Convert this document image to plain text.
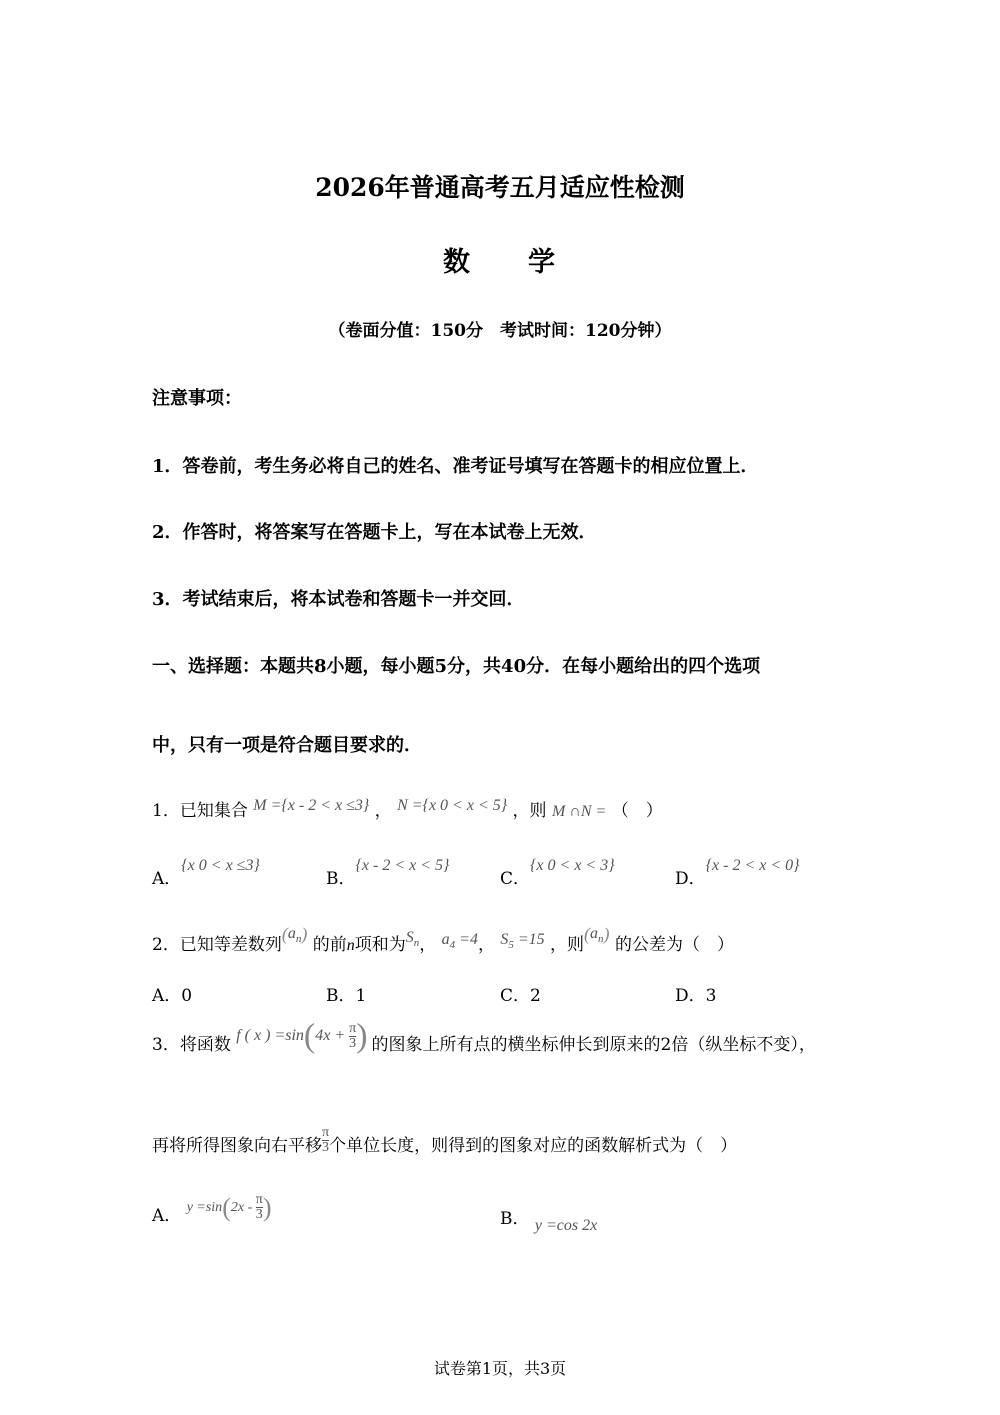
2026年普通高考五月适应性检测
数 学
（卷面分值：150分　考试时间：120分钟）
注意事项：
1．答卷前，考生务必将自己的姓名、准考证号填写在答题卡的相应位置上．
2．作答时，将答案写在答题卡上，写在本试卷上无效．
3．考试结束后，将本试卷和答题卡一并交回．
一、选择题：本题共8小题，每小题5分，共40分．在每小题给出的四个选项
中，只有一项是符合题目要求的．
1．已知集合 M ={x - 2 < x ≤3} ， N ={x 0 < x < 5} ，则 M ∩N = （　）
A．{x 0 < x ≤3}
B．{x - 2 < x < 5}
C．{x 0 < x < 3}
D．{x - 2 < x < 0}
2．已知等差数列$(a_n)$ 的前n项和为$S_n$， $a_4 =4$， $S_5 =15$ ，则$(a_n)$ 的公差为（　）
A．0	B．1	C．2	D．3
3．将函数 f ( x ) $=\sin(4x + \frac{\pi}{3}$ ) 的图象上所有点的横坐标伸长到原来的2倍（纵坐标不变），
再将所得图象向右平移 $\frac{\pi}{3}$ 个单位长度，则得到的图象对应的函数解析式为（　）
A． $^{y =sin(2x - \frac{\pi}{3} )}$	B． y =cos 2x
试卷第1页，共3页
